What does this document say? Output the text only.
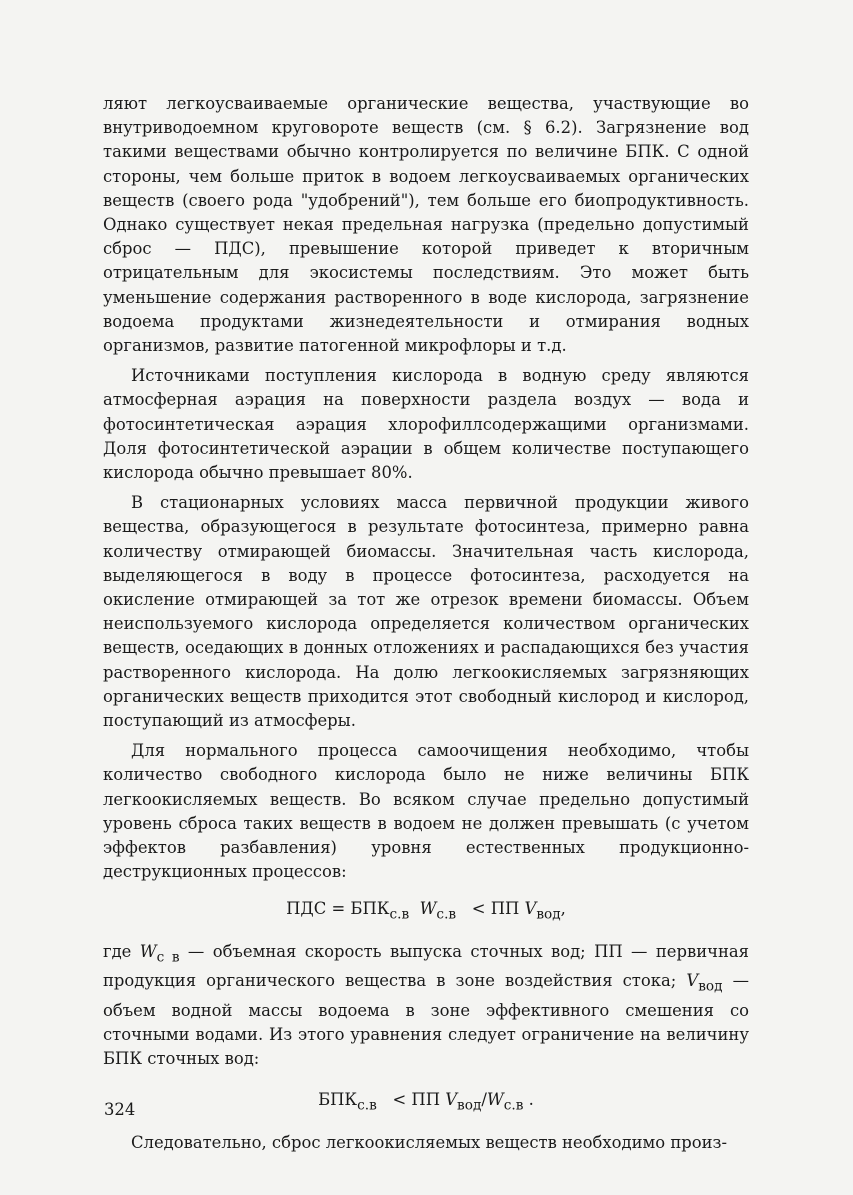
ляют легкоусваиваемые органические вещества, участвующие во внутриводоемном круговороте веществ (см. § 6.2). Загрязнение вод такими веществами обычно контролируется по величине БПК. С одной стороны, чем больше приток в водоем легкоусваиваемых органических веществ (своего рода "удобрений"), тем больше его биопродуктивность. Однако существует некая предельная нагрузка (предельно допустимый сброс — ПДС), превышение которой приведет к вторичным отрицательным для экосистемы последствиям. Это может быть уменьшение содержания растворенного в воде кислорода, загрязнение водоема продуктами жизнедеятельности и отмирания водных организмов, развитие патогенной микрофлоры и т.д.

Источниками поступления кислорода в водную среду являются атмосферная аэрация на поверхности раздела воздух — вода и фотосинтетическая аэрация хлорофиллсодержащими организмами. Доля фотосинтетической аэрации в общем количестве поступающего кислорода обычно превышает 80%.

В стационарных условиях масса первичной продукции живого вещества, образующегося в результате фотосинтеза, примерно равна количеству отмирающей биомассы. Значительная часть кислорода, выделяющегося в воду в процессе фотосинтеза, расходуется на окисление отмирающей за тот же отрезок времени биомассы. Объем неиспользуемого кислорода определяется количеством органических веществ, оседающих в донных отложениях и распадающихся без участия растворенного кислорода. На долю легкоокисляемых загрязняющих органических веществ приходится этот свободный кислород и кислород, поступающий из атмосферы.

Для нормального процесса самоочищения необходимо, чтобы количество свободного кислорода было не ниже величины БПК легкоокисляемых веществ. Во всяком случае предельно допустимый уровень сброса таких веществ в водоем не должен превышать (с учетом эффектов разбавления) уровня естественных продукционно-деструкционных процессов:

ПДС = $БПК_{с.в}$ $W_{с.в}$ < ПП $V_{вод}$,

где $W_{с в}$ — объемная скорость выпуска сточных вод; ПП — первичная продукция органического вещества в зоне воздействия стока; $V_{вод}$ — объем водной массы водоема в зоне эффективного смешения со сточными водами. Из этого уравнения следует ограничение на величину БПК сточных вод:

$БПК_{с.в}$ < ПП $V_{вод}/W_{с.в}$ .

Следовательно, сброс легкоокисляемых веществ необходимо произ-

324
